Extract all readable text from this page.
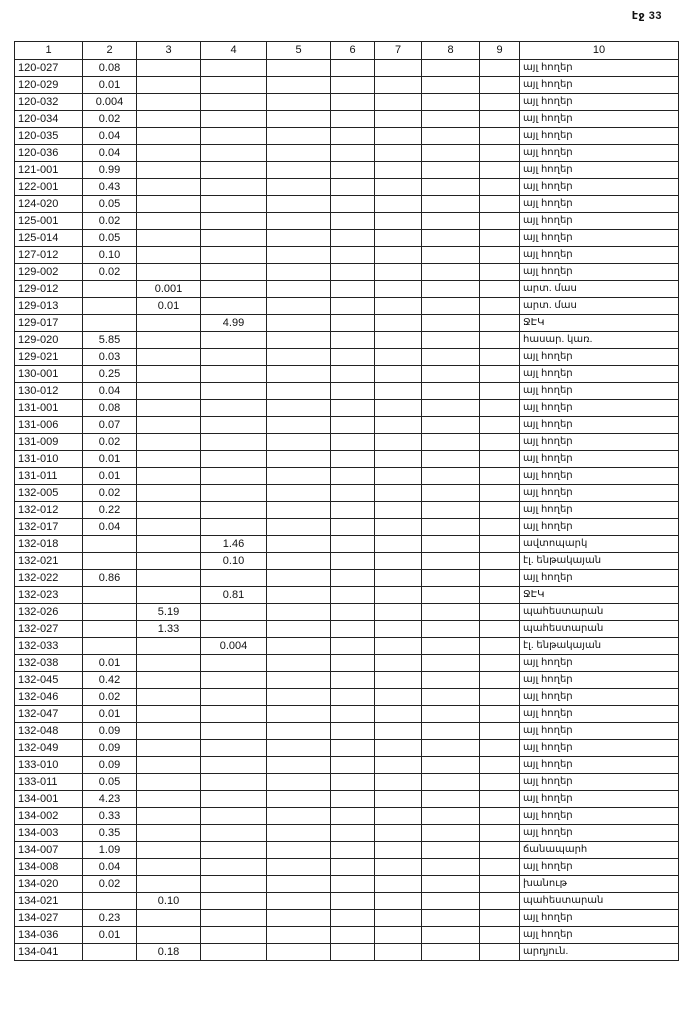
էջ 33
1	2	3	4	5	6	7	8	9	10
120-027	0.08								այլ հողեր
120-029	0.01								այլ հողեր
120-032	0.004								այլ հողեր
120-034	0.02								այլ հողեր
120-035	0.04								այլ հողեր
120-036	0.04								այլ հողեր
121-001	0.99								այլ հողեր
122-001	0.43								այլ հողեր
124-020	0.05								այլ հողեր
125-001	0.02								այլ հողեր
125-014	0.05								այլ հողեր
127-012	0.10								այլ հողեր
129-002	0.02								այլ հողեր
129-012		0.001							արտ. մաս
129-013		0.01							արտ. մաս
129-017			4.99						ՋԷԿ
129-020	5.85								հասար. կառ.
129-021	0.03								այլ հողեր
130-001	0.25								այլ հողեր
130-012	0.04								այլ հողեր
131-001	0.08								այլ հողեր
131-006	0.07								այլ հողեր
131-009	0.02								այլ հողեր
131-010	0.01								այլ հողեր
131-011	0.01								այլ հողեր
132-005	0.02								այլ հողեր
132-012	0.22								այլ հողեր
132-017	0.04								այլ հողեր
132-018			1.46						ավտոպարկ
132-021			0.10						էլ. ենթակայան
132-022	0.86								այլ հողեր
132-023			0.81						ՋԷԿ
132-026		5.19							պահեստարան
132-027		1.33							պահեստարան
132-033			0.004						էլ. ենթակայան
132-038	0.01								այլ հողեր
132-045	0.42								այլ հողեր
132-046	0.02								այլ հողեր
132-047	0.01								այլ հողեր
132-048	0.09								այլ հողեր
132-049	0.09								այլ հողեր
133-010	0.09								այլ հողեր
133-011	0.05								այլ հողեր
134-001	4.23								այլ հողեր
134-002	0.33								այլ հողեր
134-003	0.35								այլ հողեր
134-007	1.09								ճանապարհ
134-008	0.04								այլ հողեր
134-020	0.02								խանութ
134-021		0.10							պահեստարան
134-027	0.23								այլ հողեր
134-036	0.01								այլ հողեր
134-041		0.18							արդյուն.
